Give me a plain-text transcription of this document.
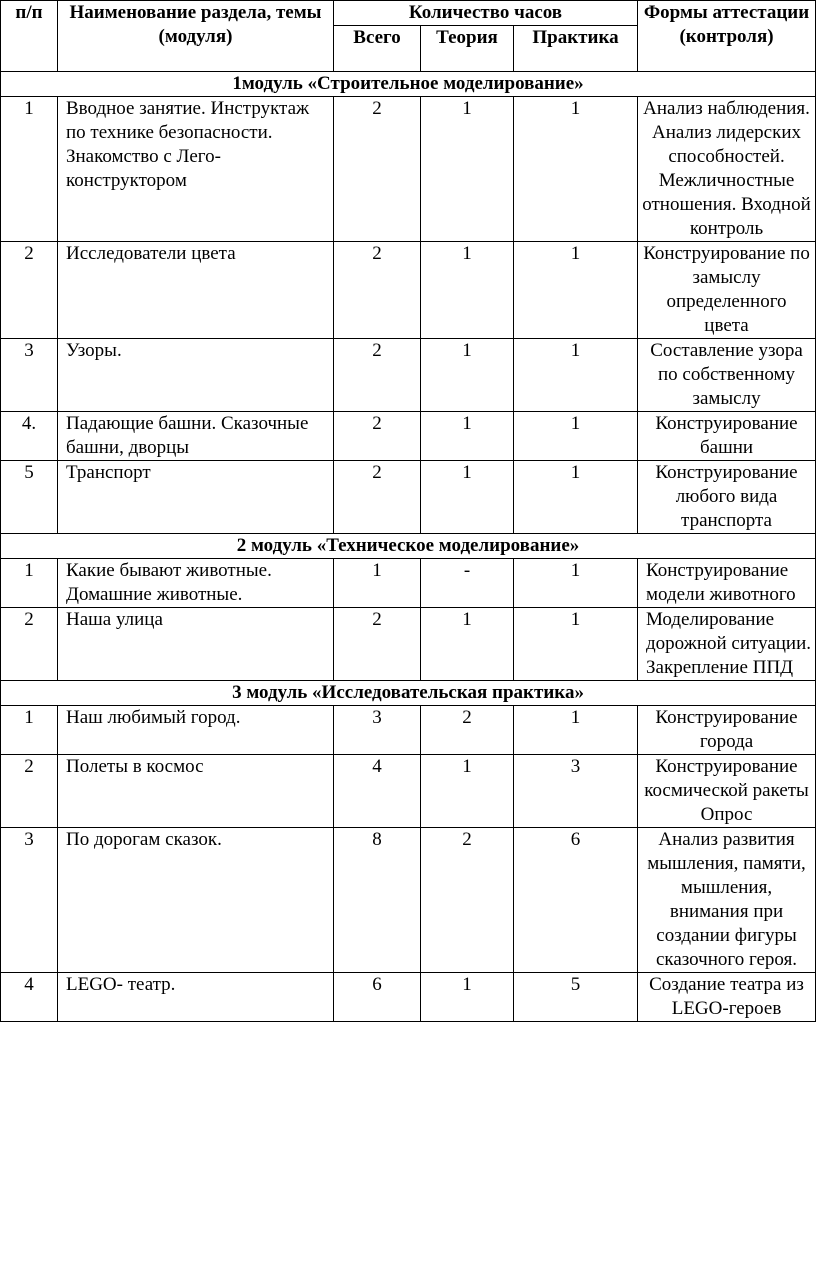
п/п	Наименование раздела, темы (модуля)	Количество часов			Формы аттестации (контроля)
		Всего	Теория	Практика	
1модуль «Строительное моделирование»					
1	Вводное занятие. Инструктаж по технике безопасности. Знакомство с Лего-конструктором	2	1	1	Анализ наблюдения. Анализ лидерских способностей. Межличностные отношения. Входной контроль
2	Исследователи цвета	2	1	1	Конструирование по замыслу определенного цвета
3	Узоры.	2	1	1	Составление узора по собственному замыслу
4.	Падающие башни. Сказочные башни, дворцы	2	1	1	Конструирование башни
5	Транспорт	2	1	1	Конструирование любого вида транспорта
2 модуль «Техническое моделирование»					
1	Какие бывают животные. Домашние животные.	1	-	1	Конструирование модели животного
2	Наша улица	2	1	1	Моделирование дорожной ситуации. Закрепление ППД
3 модуль «Исследовательская практика»					
1	Наш любимый город.	3	2	1	Конструирование города
2	Полеты в космос	4	1	3	Конструирование космической ракеты Опрос
3	По дорогам сказок.	8	2	6	Анализ развития мышления, памяти, мышления, внимания при создании фигуры сказочного героя.
4	LEGO- театр.	6	1	5	Создание театра из LEGO-героев
